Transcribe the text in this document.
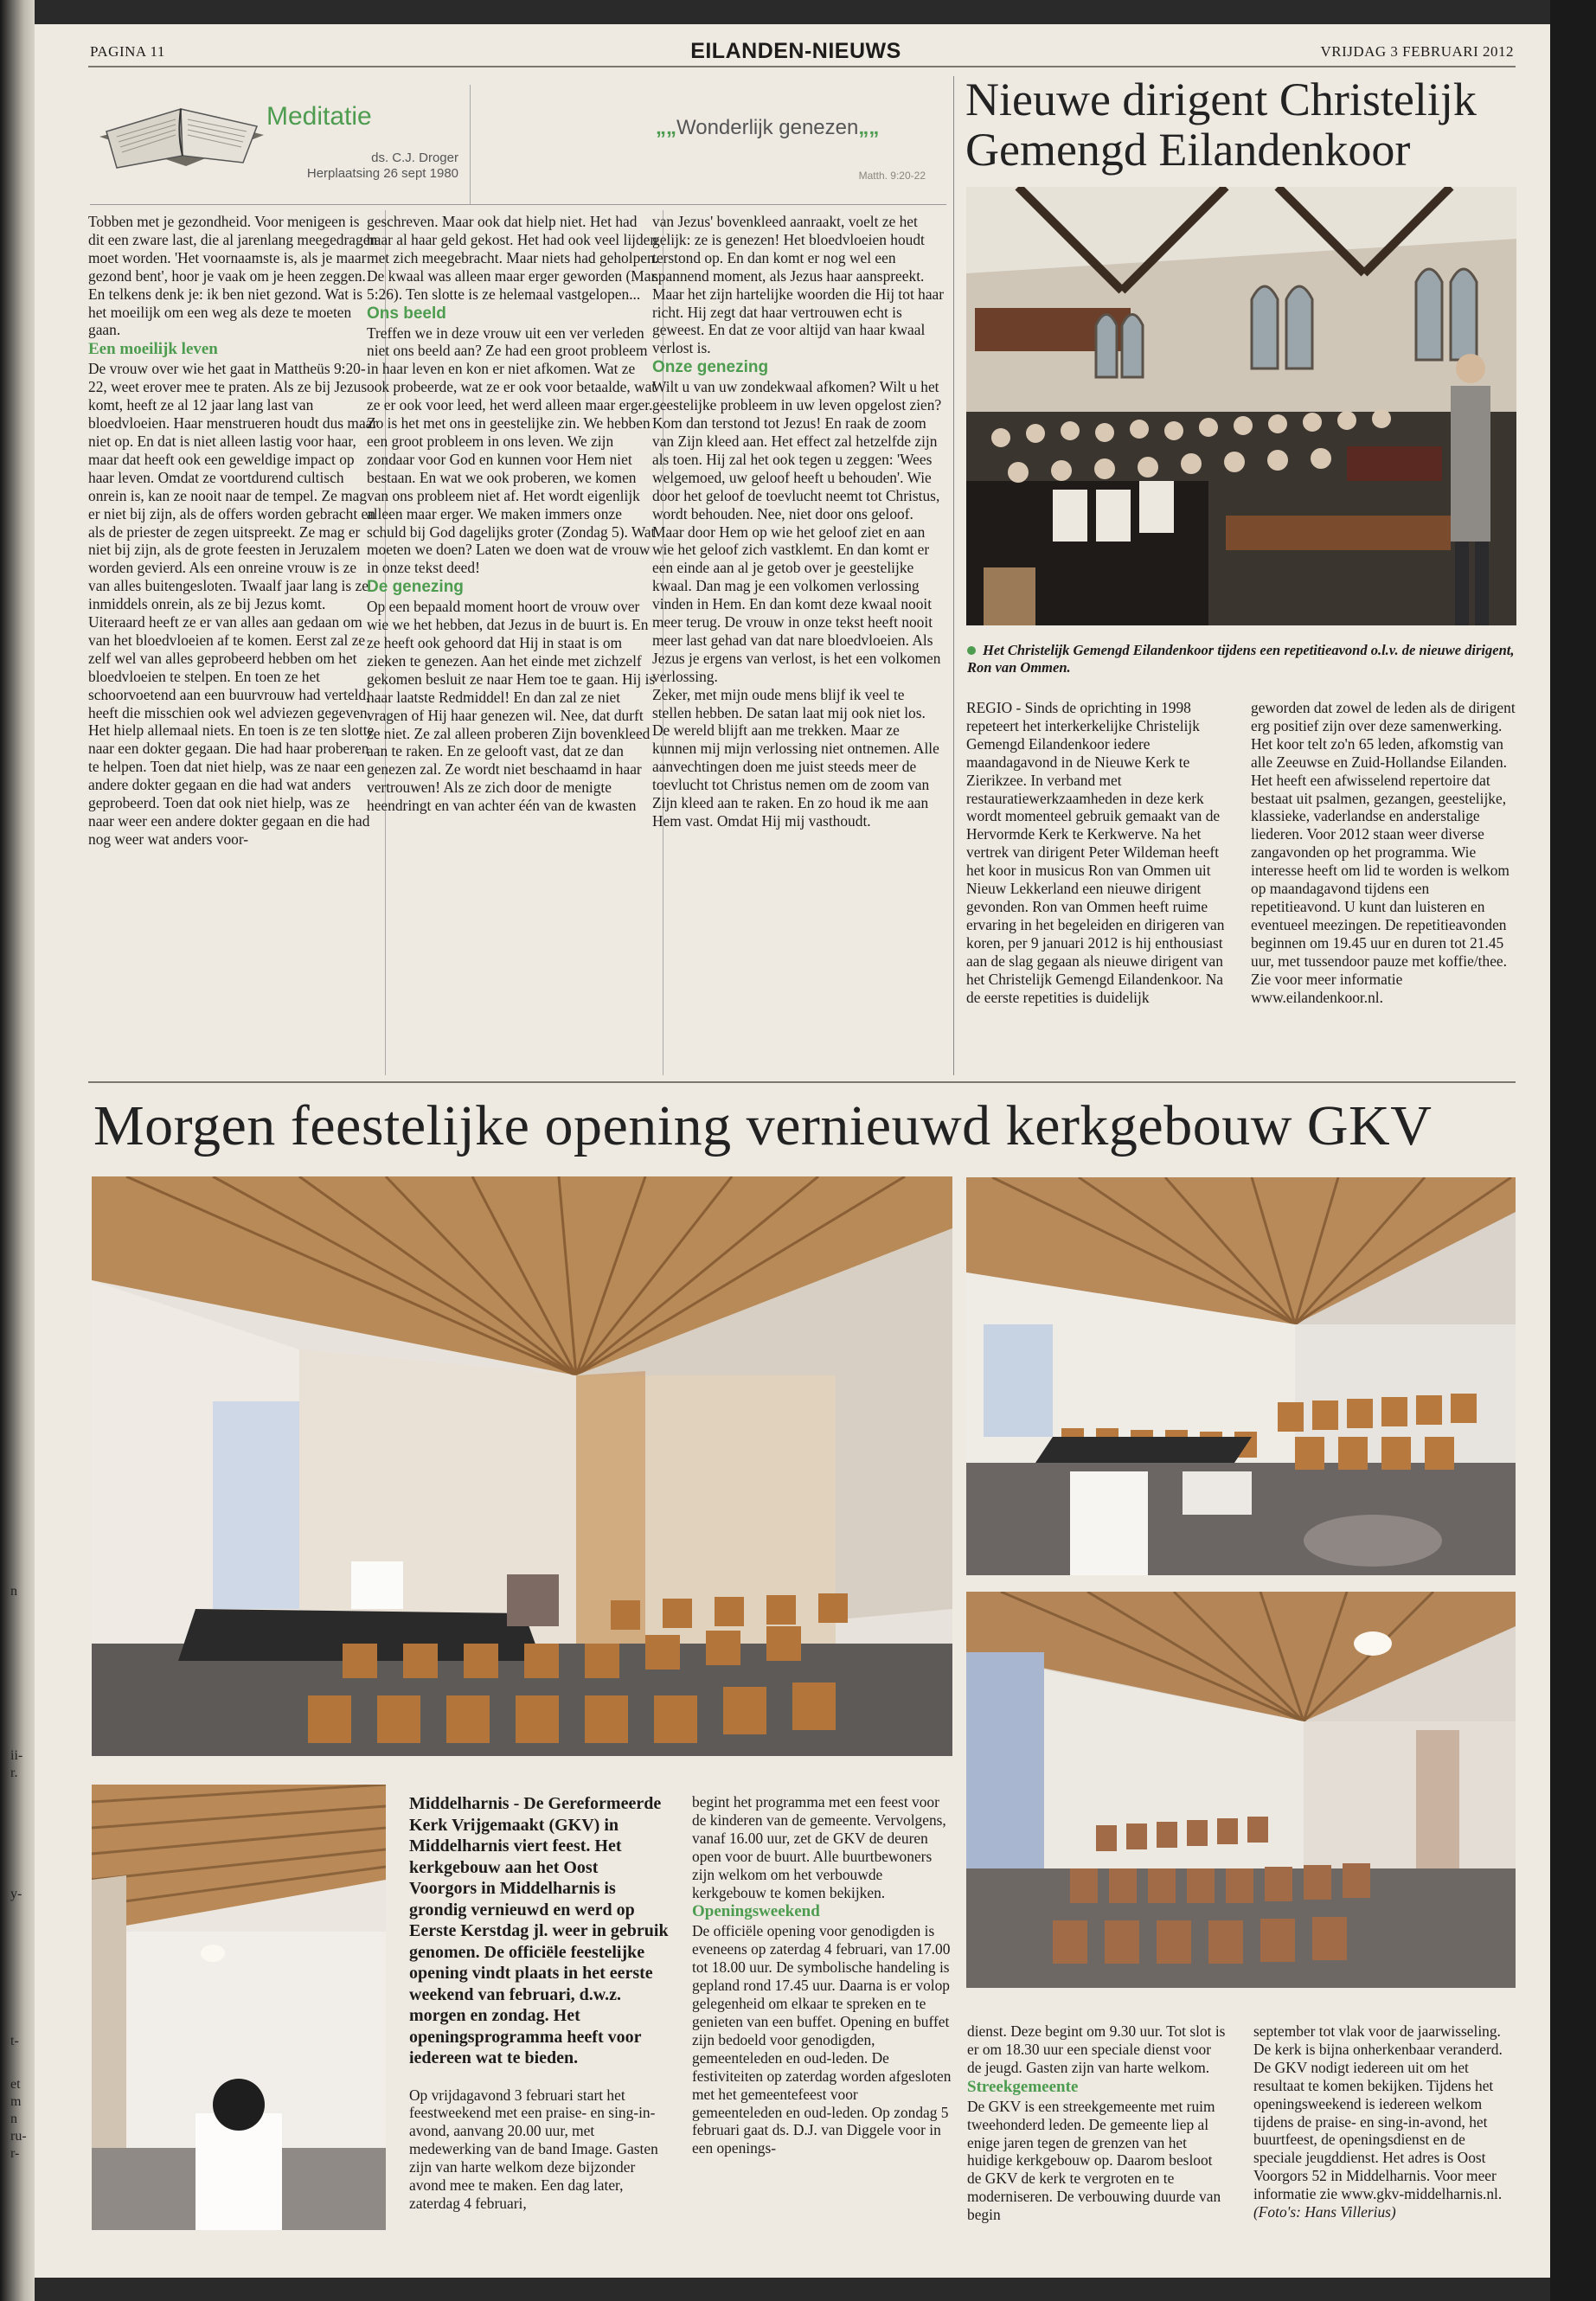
n
ii-
r.
y-
t-
et
m
n
ru-
r-
PAGINA 11	EILANDEN-NIEUWS	VRIJDAG 3 FEBRUARI 2012
Meditatie
ds. C.J. Droger
Herplaatsing 26 sept 1980
„„Wonderlijk genezen„„
Matth. 9:20-22

Tobben met je gezondheid. Voor menigeen is dit een zware last, die al jarenlang meegedragen moet worden. 'Het voornaamste is, als je maar gezond bent', hoor je vaak om je heen zeggen. En telkens denk je: ik ben niet gezond. Wat is het moeilijk om een weg als deze te moeten gaan.

Een moeilijk leven

De vrouw over wie het gaat in Mattheüs 9:20-22, weet erover mee te praten. Als ze bij Jezus komt, heeft ze al 12 jaar lang last van bloedvloeien. Haar menstrueren houdt dus maar niet op. En dat is niet alleen lastig voor haar, maar dat heeft ook een geweldige impact op haar leven. Omdat ze voortdurend cultisch onrein is, kan ze nooit naar de tempel. Ze mag er niet bij zijn, als de offers worden gebracht en als de priester de zegen uitspreekt. Ze mag er niet bij zijn, als de grote feesten in Jeruzalem worden gevierd. Als een onreine vrouw is ze van alles buitengesloten. Twaalf jaar lang is ze inmiddels onrein, als ze bij Jezus komt. Uiteraard heeft ze er van alles aan gedaan om van het bloedvloeien af te komen. Eerst zal ze zelf wel van alles geprobeerd hebben om het bloedvloeien te stelpen. En toen ze het schoorvoetend aan een buurvrouw had verteld, heeft die misschien ook wel adviezen gegeven. Het hielp allemaal niets. En toen is ze ten slotte naar een dokter gegaan. Die had haar proberen te helpen. Toen dat niet hielp, was ze naar een andere dokter gegaan en die had wat anders geprobeerd. Toen dat ook niet hielp, was ze naar weer een andere dokter gegaan en die had nog weer wat anders voor-

geschreven. Maar ook dat hielp niet. Het had haar al haar geld gekost. Het had ook veel lijden met zich meegebracht. Maar niets had geholpen. De kwaal was alleen maar erger geworden (Mar. 5:26). Ten slotte is ze helemaal vastgelopen...

Ons beeld

Treffen we in deze vrouw uit een ver verleden niet ons beeld aan? Ze had een groot probleem in haar leven en kon er niet afkomen. Wat ze ook probeerde, wat ze er ook voor betaalde, wat ze er ook voor leed, het werd alleen maar erger. Zo is het met ons in geestelijke zin. We hebben een groot probleem in ons leven. We zijn zondaar voor God en kunnen voor Hem niet bestaan. En wat we ook proberen, we komen van ons probleem niet af. Het wordt eigenlijk alleen maar erger. We maken immers onze schuld bij God dagelijks groter (Zondag 5). Wat moeten we doen? Laten we doen wat de vrouw in onze tekst deed!

De genezing

Op een bepaald moment hoort de vrouw over wie we het hebben, dat Jezus in de buurt is. En ze heeft ook gehoord dat Hij in staat is om zieken te genezen. Aan het einde met zichzelf gekomen besluit ze naar Hem toe te gaan. Hij is haar laatste Redmiddel! En dan zal ze niet vragen of Hij haar genezen wil. Nee, dat durft ze niet. Ze zal alleen proberen Zijn bovenkleed aan te raken. En ze gelooft vast, dat ze dan genezen zal. Ze wordt niet beschaamd in haar vertrouwen! Als ze zich door de menigte heendringt en van achter één van de kwasten

van Jezus' bovenkleed aanraakt, voelt ze het gelijk: ze is genezen! Het bloedvloeien houdt terstond op. En dan komt er nog wel een spannend moment, als Jezus haar aanspreekt. Maar het zijn hartelijke woorden die Hij tot haar richt. Hij zegt dat haar vertrouwen echt is geweest. En dat ze voor altijd van haar kwaal verlost is.

Onze genezing

Wilt u van uw zondekwaal afkomen? Wilt u het geestelijke probleem in uw leven opgelost zien? Kom dan terstond tot Jezus! En raak de zoom van Zijn kleed aan. Het effect zal hetzelfde zijn als toen. Hij zal het ook tegen u zeggen: 'Wees welgemoed, uw geloof heeft u behouden'. Wie door het geloof de toevlucht neemt tot Christus, wordt behouden. Nee, niet door ons geloof. Maar door Hem op wie het geloof ziet en aan wie het geloof zich vastklemt. En dan komt er een einde aan al je getob over je geestelijke kwaal. Dan mag je een volkomen verlossing vinden in Hem. En dan komt deze kwaal nooit meer terug. De vrouw in onze tekst heeft nooit meer last gehad van dat nare bloedvloeien. Als Jezus je ergens van verlost, is het een volkomen verlossing.

Zeker, met mijn oude mens blijf ik veel te stellen hebben. De satan laat mij ook niet los. De wereld blijft aan me trekken. Maar ze kunnen mij mijn verlossing niet ontnemen. Alle aanvechtingen doen me juist steeds meer de toevlucht tot Christus nemen om de zoom van Zijn kleed aan te raken. En zo houd ik me aan Hem vast. Omdat Hij mij vasthoudt.

Nieuwe dirigent Christelijk Gemengd Eilandenkoor
Het Christelijk Gemengd Eilandenkoor tijdens een repetitieavond o.l.v. de nieuwe dirigent, Ron van Ommen.

REGIO - Sinds de oprichting in 1998 repeteert het interkerkelijke Christelijk Gemengd Eilandenkoor iedere maandagavond in de Nieuwe Kerk te Zierikzee. In verband met restauratiewerkzaamheden in deze kerk wordt momenteel gebruik gemaakt van de Hervormde Kerk te Kerkwerve. Na het vertrek van dirigent Peter Wildeman heeft het koor in musicus Ron van Ommen uit Nieuw Lekkerland een nieuwe dirigent gevonden. Ron van Ommen heeft ruime ervaring in het begeleiden en dirigeren van koren, per 9 januari 2012 is hij enthousiast aan de slag gegaan als nieuwe dirigent van het Christelijk Gemengd Eilandenkoor. Na de eerste repetities is duidelijk

geworden dat zowel de leden als de dirigent erg positief zijn over deze samenwerking. Het koor telt zo'n 65 leden, afkomstig van alle Zeeuwse en Zuid-Hollandse Eilanden. Het heeft een afwisselend repertoire dat bestaat uit psalmen, gezangen, geestelijke, klassieke, vaderlandse en anderstalige liederen. Voor 2012 staan weer diverse zangavonden op het programma. Wie interesse heeft om lid te worden is welkom op maandagavond tijdens een repetitieavond. U kunt dan luisteren en eventueel meezingen. De repetitieavonden beginnen om 19.45 uur en duren tot 21.45 uur, met tussendoor pauze met koffie/thee. Zie voor meer informatie www.eilandenkoor.nl.

Morgen feestelijke opening vernieuwd kerkgebouw GKV

Middelharnis - De Gereformeerde Kerk Vrijgemaakt (GKV) in Middelharnis viert feest. Het kerkgebouw aan het Oost Voorgors in Middelharnis is grondig vernieuwd en werd op Eerste Kerstdag jl. weer in gebruik genomen. De officiële feestelijke opening vindt plaats in het eerste weekend van februari, d.w.z. morgen en zondag. Het openingsprogramma heeft voor iedereen wat te bieden.

Op vrijdagavond 3 februari start het feestweekend met een praise- en sing-in-avond, aanvang 20.00 uur, met medewerking van de band Image. Gasten zijn van harte welkom deze bijzonder avond mee te maken. Een dag later, zaterdag 4 februari,

begint het programma met een feest voor de kinderen van de gemeente. Vervolgens, vanaf 16.00 uur, zet de GKV de deuren open voor de buurt. Alle buurtbewoners zijn welkom om het verbouwde kerkgebouw te komen bekijken.

Openingsweekend

De officiële opening voor genodigden is eveneens op zaterdag 4 februari, van 17.00 tot 18.00 uur. De symbolische handeling is gepland rond 17.45 uur. Daarna is er volop gelegenheid om elkaar te spreken en te genieten van een buffet. Opening en buffet zijn bedoeld voor genodigden, gemeenteleden en oud-leden. De festiviteiten op zaterdag worden afgesloten met het gemeentefeest voor gemeenteleden en oud-leden. Op zondag 5 februari gaat ds. D.J. van Diggele voor in een openings-

dienst. Deze begint om 9.30 uur. Tot slot is er om 18.30 uur een speciale dienst voor de jeugd. Gasten zijn van harte welkom.

Streekgemeente

De GKV is een streekgemeente met ruim tweehonderd leden. De gemeente liep al enige jaren tegen de grenzen van het huidige kerkgebouw op. Daarom besloot de GKV de kerk te vergroten en te moderniseren. De verbouwing duurde van begin

september tot vlak voor de jaarwisseling. De kerk is bijna onherkenbaar veranderd. De GKV nodigt iedereen uit om het resultaat te komen bekijken. Tijdens het openingsweekend is iedereen welkom tijdens de praise- en sing-in-avond, het buurtfeest, de openingsdienst en de speciale jeugddienst. Het adres is Oost Voorgors 52 in Middelharnis. Voor meer informatie zie www.gkv-middelharnis.nl.

(Foto's: Hans Villerius)
